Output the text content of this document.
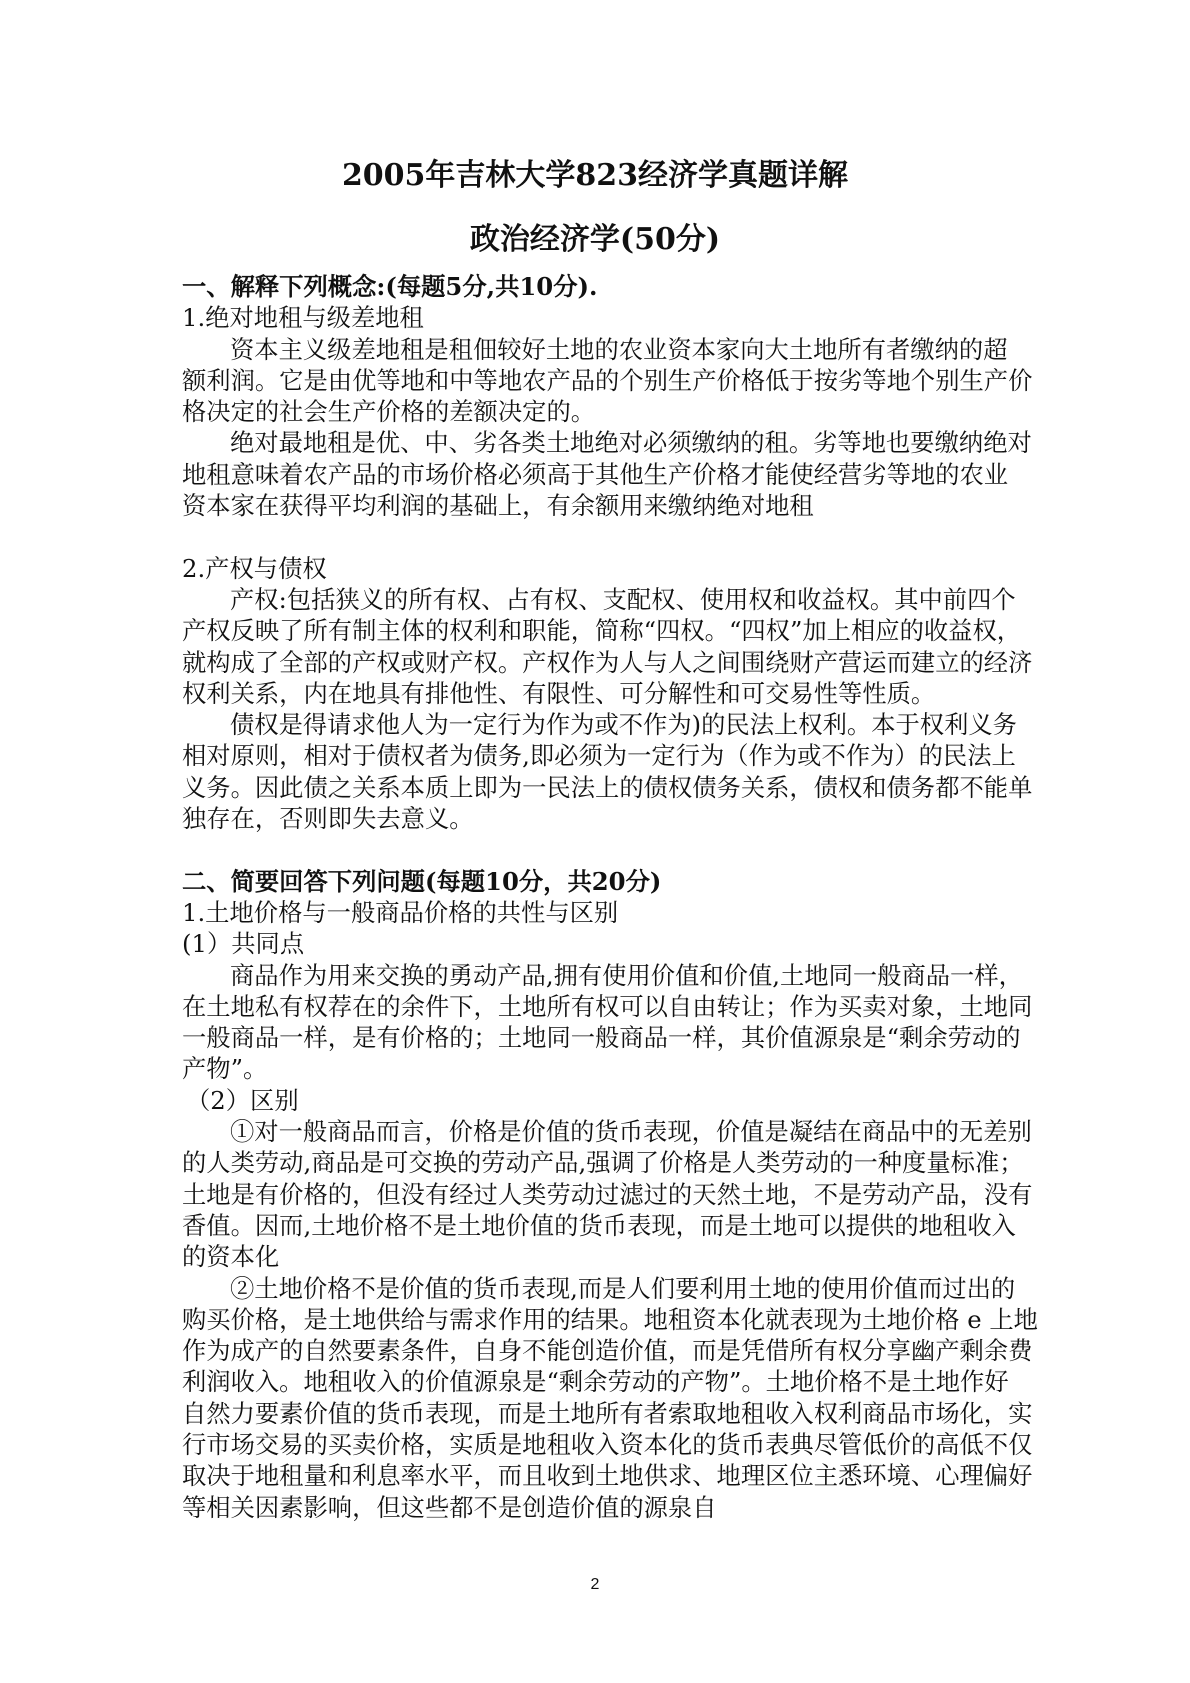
2005年吉林大学823经济学真题详解
政治经济学(50分)
一、解释下列概念:(每题5分,共10分).
1.绝对地租与级差地租
资本主义级差地租是租佃较好土地的农业资本家向大土地所有者缴纳的超
额利润。它是由优等地和中等地农产品的个别生产价格低于按劣等地个别生产价
格决定的社会生产价格的差额决定的。
绝对最地租是优、中、劣各类土地绝对必须缴纳的租。劣等地也要缴纳绝对
地租意味着农产品的市场价格必须高于其他生产价格才能使经营劣等地的农业
资本家在获得平均利润的基础上，有余额用来缴纳绝对地租
2.产权与债权
产权:包括狭义的所有权、占有权、支配权、使用权和收益权。其中前四个
产权反映了所有制主体的权利和职能，简称“四权。“四权”加上相应的收益权，
就构成了全部的产权或财产权。产权作为人与人之间围绕财产营运而建立的经济
权利关系，内在地具有排他性、有限性、可分解性和可交易性等性质。
债权是得请求他人为一定行为作为或不作为)的民法上权利。本于权利义务
相对原则，相对于债权者为债务,即必须为一定行为（作为或不作为）的民法上
义务。因此债之关系本质上即为一民法上的债权债务关系，债权和债务都不能单
独存在，否则即失去意义。
二、简要回答下列问题(每题10分，共20分)
1.土地价格与一般商品价格的共性与区别
(1）共同点
商品作为用来交换的勇动产品,拥有使用价值和价值,土地同一般商品一样，
在土地私有权荐在的余件下，土地所有权可以自由转让；作为买卖对象，土地同
一般商品一样，是有价格的；土地同一般商品一样，其价值源泉是“剩余劳动的
产物”。
（2）区别
①对一般商品而言，价格是价值的货币表现，价值是凝结在商品中的无差别
的人类劳动,商品是可交换的劳动产品,强调了价格是人类劳动的一种度量标准；
土地是有价格的，但没有经过人类劳动过滤过的天然土地，不是劳动产品，没有
香值。因而,土地价格不是土地价值的货币表现，而是土地可以提供的地租收入
的资本化
②土地价格不是价值的货币表现,而是人们要利用土地的使用价值而过出的
购买价格，是土地供给与需求作用的结果。地租资本化就表现为土地价格 e 上地
作为成产的自然要素条件，自身不能创造价值，而是凭借所有权分享幽产剩余费
利润收入。地租收入的价值源泉是“剩余劳动的产物”。土地价格不是土地作好
自然力要素价值的货币表现，而是土地所有者索取地租收入权利商品市场化，实
行市场交易的买卖价格，实质是地租收入资本化的货币表典尽管低价的高低不仅
取决于地租量和利息率水平，而且收到土地供求、地理区位主悉环境、心理偏好
等相关因素影响，但这些都不是创造价值的源泉自
2
